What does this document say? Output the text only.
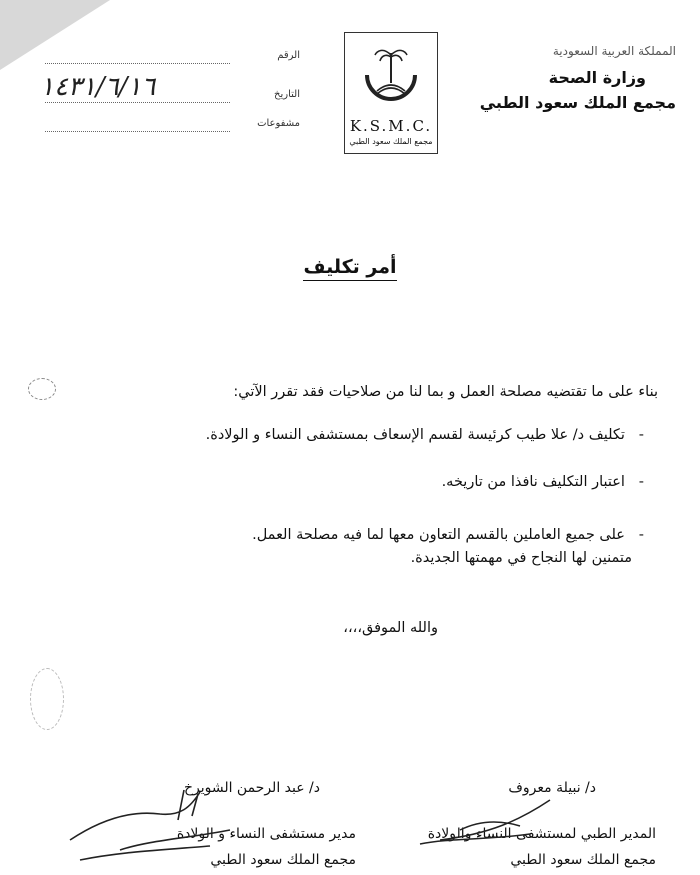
المملكة العربية السعودية
وزارة الصحة
مجمع الملك سعود الطبي
K.S.M.C.
مجمع الملك سعود الطبي
الرقم
التاريخ
١٤٣١/٦/١٦
مشفوعات
أمر تكليف
بناء على ما تقتضيه مصلحة العمل و بما لنا من صلاحيات فقد تقرر الآتي:
-   تكليف د/ علا طيب كرئيسة لقسم الإسعاف بمستشفى النساء و الولادة.
-   اعتبار التكليف نافذا من تاريخه.
-   على جميع العاملين بالقسم التعاون معها لما فيه مصلحة العمل.
متمنين لها النجاح في مهمتها الجديدة.
والله الموفق،،،،
د/ عبد الرحمن الشويرخ
مدير مستشفى النساء و الولادة
مجمع الملك سعود الطبي
د/ نبيلة معروف
المدير الطبي لمستشفى النساء والولادة
مجمع الملك سعود الطبي
